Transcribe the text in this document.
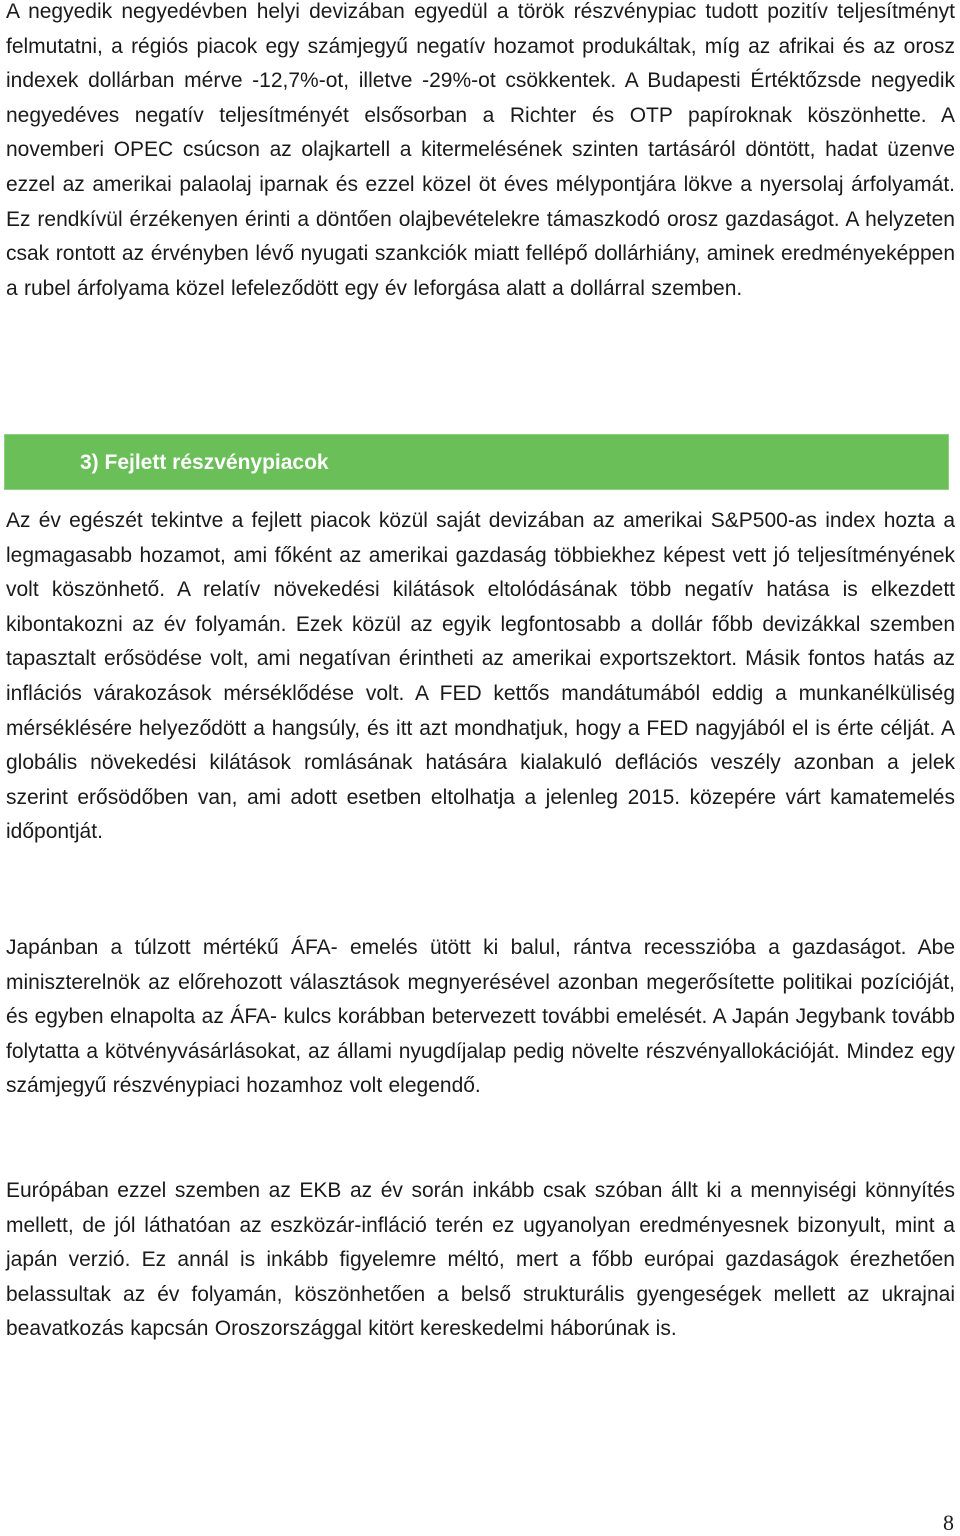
A negyedik negyedévben helyi devizában egyedül a török részvénypiac tudott pozitív teljesítményt felmutatni, a régiós piacok egy számjegyű negatív hozamot produkáltak, míg az afrikai és az orosz indexek dollárban mérve -12,7%-ot, illetve -29%-ot csökkentek. A Budapesti Értéktőzsde negyedik negyedéves negatív teljesítményét elsősorban a Richter és OTP papíroknak köszönhette. A novemberi OPEC csúcson az olajkartell a kitermelésének szinten tartásáról döntött, hadat üzenve ezzel az amerikai palaolaj iparnak és ezzel közel öt éves mélypontjára lökve a nyersolaj árfolyamát. Ez rendkívül érzékenyen érinti a döntően olajbevételekre támaszkodó orosz gazdaságot. A helyzeten csak rontott az érvényben lévő nyugati szankciók miatt fellépő dollárhiány, aminek eredményeképpen a rubel árfolyama közel lefeleződött egy év leforgása alatt a dollárral szemben.

3) Fejlett részvénypiacok

Az év egészét tekintve a fejlett piacok közül saját devizában az amerikai S&P500-as index hozta a legmagasabb hozamot, ami főként az amerikai gazdaság többiekhez képest vett jó teljesítményének volt köszönhető. A relatív növekedési kilátások eltolódásának több negatív hatása is elkezdett kibontakozni az év folyamán. Ezek közül az egyik legfontosabb a dollár főbb devizákkal szemben tapasztalt erősödése volt, ami negatívan érintheti az amerikai exportszektort. Másik fontos hatás az inflációs várakozások mérséklődése volt. A FED kettős mandátumából eddig a munkanélküliség mérséklésére helyeződött a hangsúly, és itt azt mondhatjuk, hogy a FED nagyjából el is érte célját. A globális növekedési kilátások romlásának hatására kialakuló deflációs veszély azonban a jelek szerint erősödőben van, ami adott esetben eltolhatja a jelenleg 2015. közepére várt kamatemelés időpontját.

Japánban a túlzott mértékű ÁFA- emelés ütött ki balul, rántva recesszióba a gazdaságot. Abe miniszterelnök az előrehozott választások megnyerésével azonban megerősítette politikai pozícióját, és egyben elnapolta az ÁFA- kulcs korábban betervezett további emelését. A Japán Jegybank tovább folytatta a kötvényvásárlásokat, az állami nyugdíjalap pedig növelte részvényallokációját. Mindez egy számjegyű részvénypiaci hozamhoz volt elegendő.

Európában ezzel szemben az EKB az év során inkább csak szóban állt ki a mennyiségi könnyítés mellett, de jól láthatóan az eszközár-infláció terén ez ugyanolyan eredményesnek bizonyult, mint a japán verzió. Ez annál is inkább figyelemre méltó, mert a főbb európai gazdaságok érezhetően belassultak az év folyamán, köszönhetően a belső strukturális gyengeségek mellett az ukrajnai beavatkozás kapcsán Oroszországgal kitört kereskedelmi háborúnak is.

8
